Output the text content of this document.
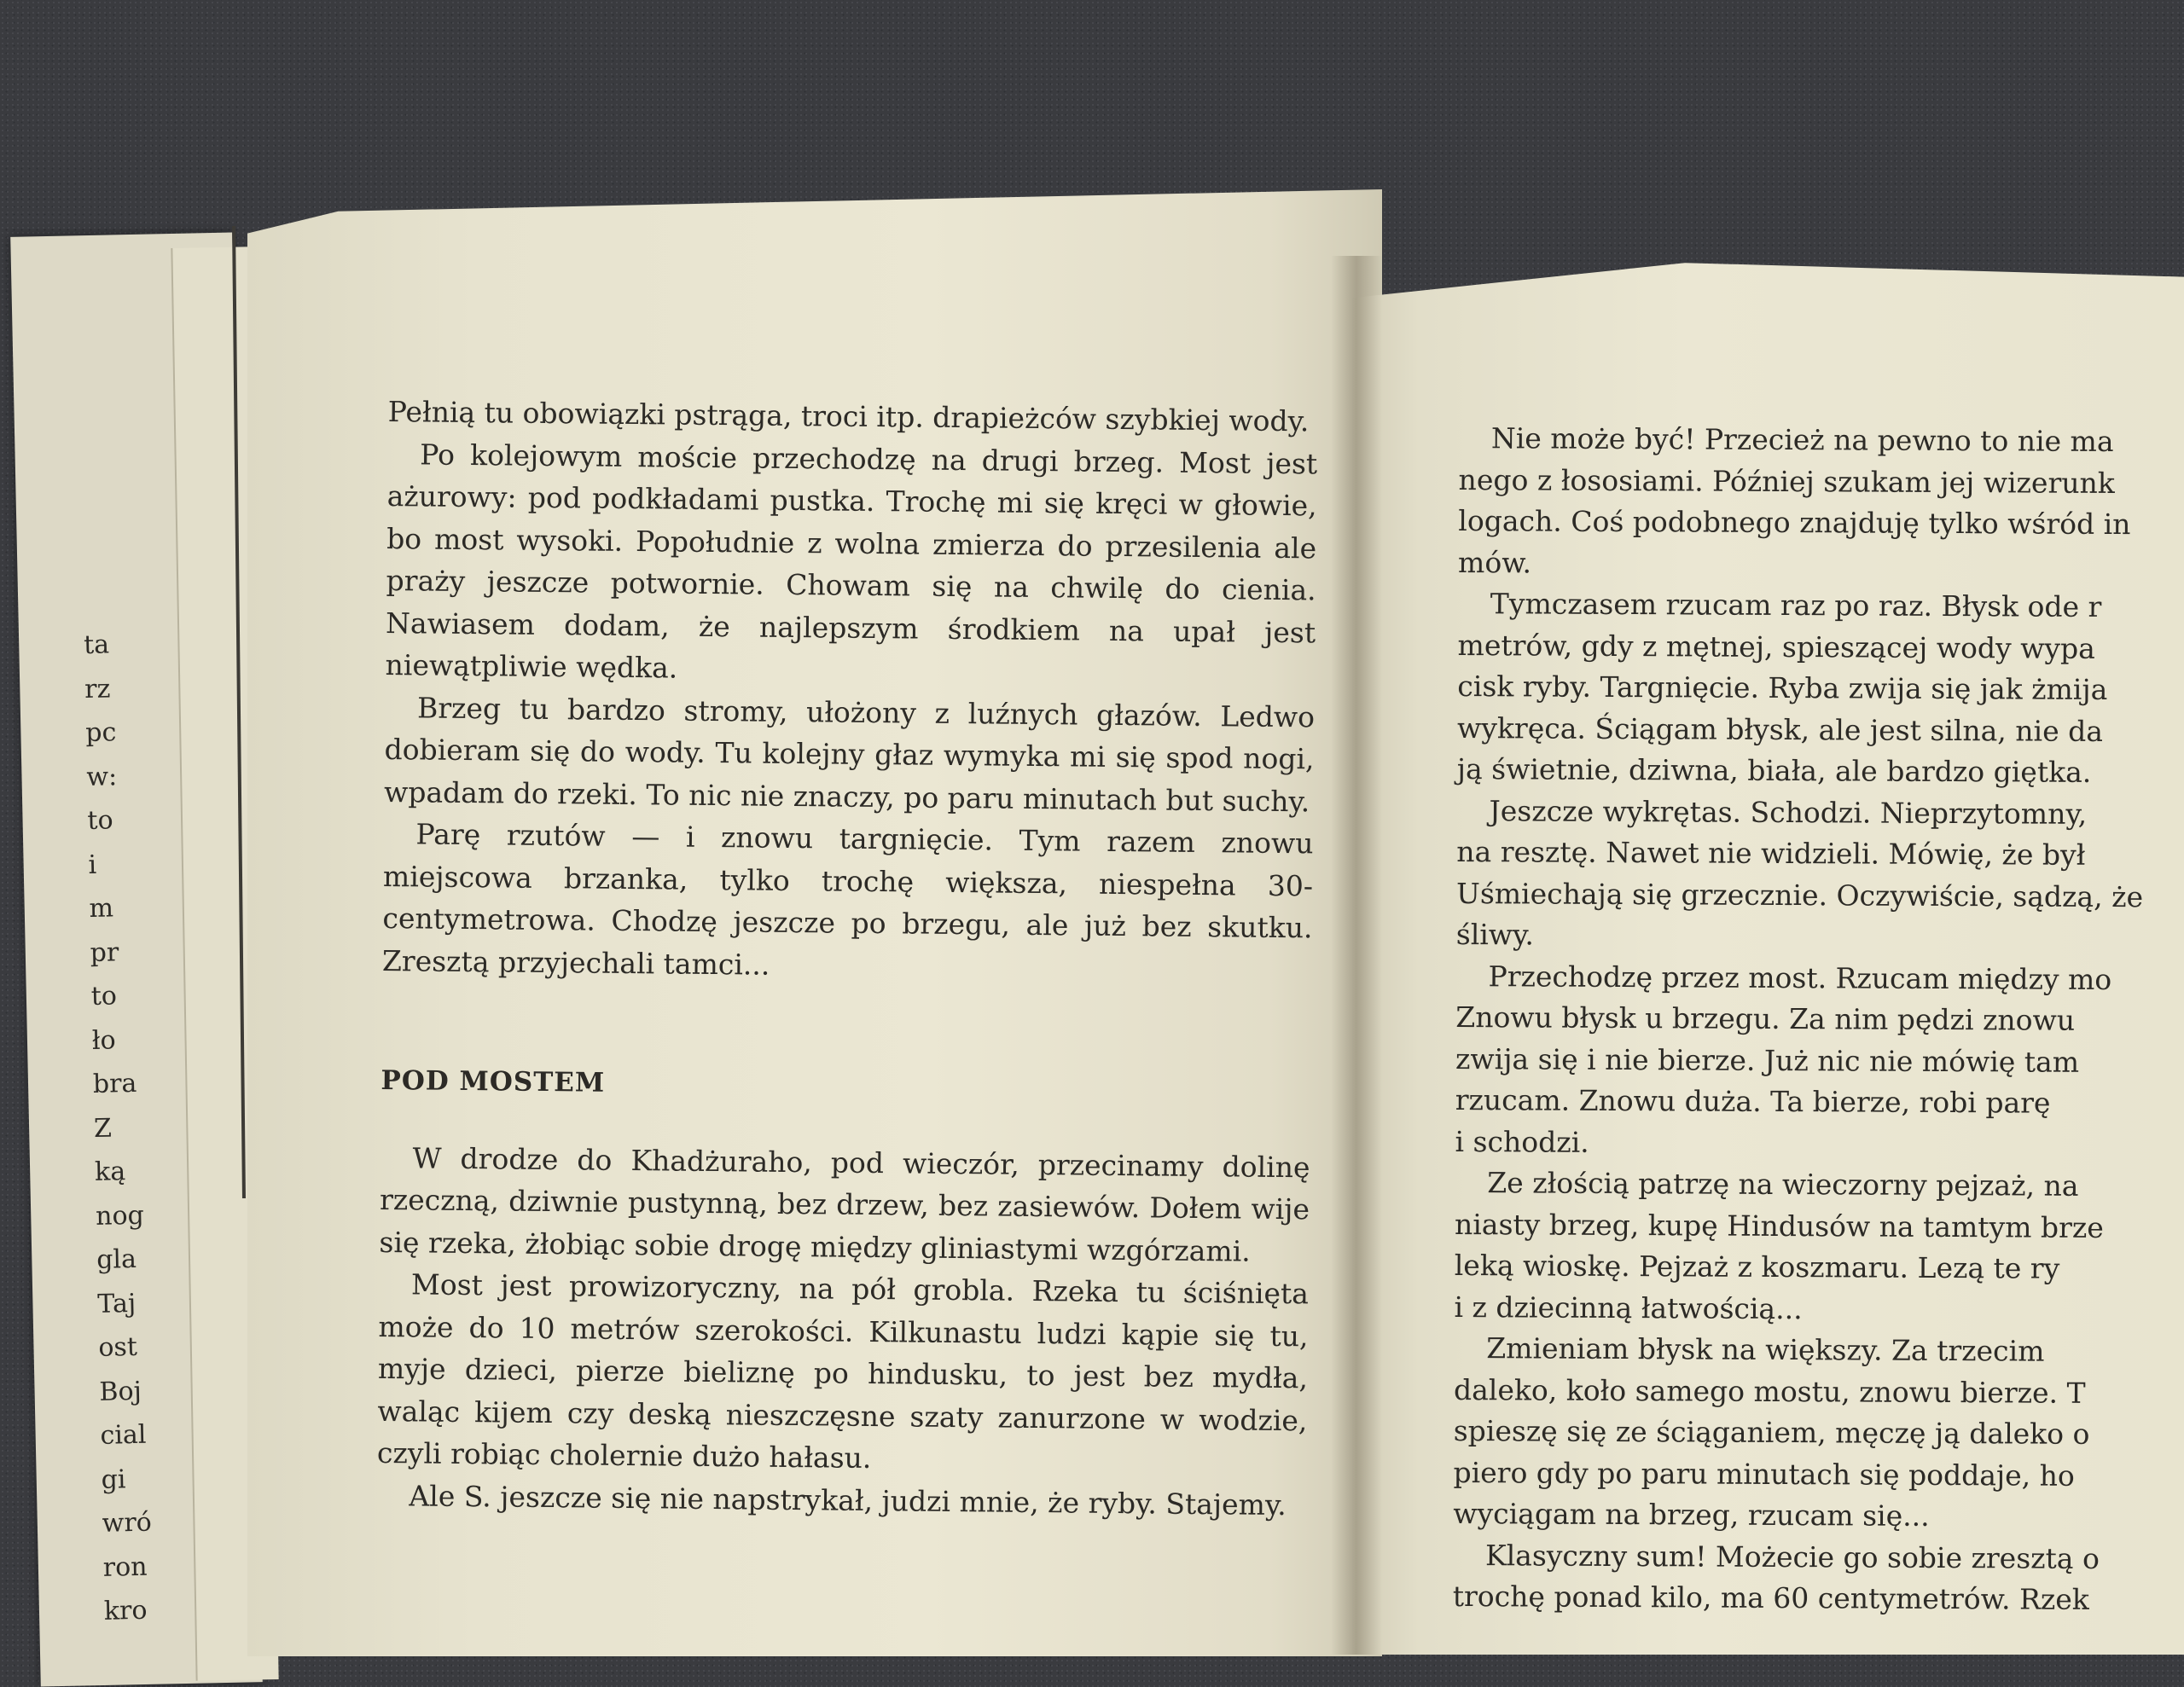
ta
rz
pc
w:
to
i
m
pr
to
ło
bra
Z
ką
nog
gla
Taj
ost
Boj
cial
gi
wró
ron
kro

Pełnią tu obowiązki pstrąga, troci itp. drapieżców szybkiej wody.

Po kolejowym moście przechodzę na drugi brzeg. Most jest ażurowy: pod podkładami pustka. Trochę mi się kręci w głowie, bo most wysoki. Popołudnie z wolna zmierza do przesilenia ale praży jeszcze potwornie. Chowam się na chwilę do cienia. Nawiasem dodam, że najlepszym środkiem na upał jest niewątpliwie wędka.

Brzeg tu bardzo stromy, ułożony z luźnych głazów. Ledwo dobieram się do wody. Tu kolejny głaz wymyka mi się spod nogi, wpadam do rzeki. To nic nie znaczy, po paru minutach but suchy.

Parę rzutów — i znowu targnięcie. Tym razem znowu miejscowa brzanka, tylko trochę większa, niespełna 30-centymetrowa. Chodzę jeszcze po brzegu, ale już bez skutku. Zresztą przyjechali tamci...

POD MOSTEM

W drodze do Khadżuraho, pod wieczór, przecinamy dolinę rzeczną, dziwnie pustynną, bez drzew, bez zasiewów. Dołem wije się rzeka, żłobiąc sobie drogę między gliniastymi wzgórzami.

Most jest prowizoryczny, na pół grobla. Rzeka tu ściśnięta może do 10 metrów szerokości. Kilkunastu ludzi kąpie się tu, myje dzieci, pierze bieliznę po hindusku, to jest bez mydła, waląc kijem czy deską nieszczęsne szaty zanurzone w wodzie, czyli robiąc cholernie dużo hałasu.

Ale S. jeszcze się nie napstrykał, judzi mnie, że ryby. Stajemy.

Nie może być! Przecież na pewno to nie ma

nego z łososiami. Później szukam jej wizerunk

logach. Coś podobnego znajduję tylko wśród in

mów.

Tymczasem rzucam raz po raz. Błysk ode r

metrów, gdy z mętnej, spieszącej wody wypa

cisk ryby. Targnięcie. Ryba zwija się jak żmija

wykręca. Ściągam błysk, ale jest silna, nie da

ją świetnie, dziwna, biała, ale bardzo giętka.

Jeszcze wykrętas. Schodzi. Nieprzytomny,

na resztę. Nawet nie widzieli. Mówię, że był

Uśmiechają się grzecznie. Oczywiście, sądzą, że

śliwy.

Przechodzę przez most. Rzucam między mo

Znowu błysk u brzegu. Za nim pędzi znowu

zwija się i nie bierze. Już nic nie mówię tam

rzucam. Znowu duża. Ta bierze, robi parę

i schodzi.

Ze złością patrzę na wieczorny pejzaż, na

niasty brzeg, kupę Hindusów na tamtym brze

leką wioskę. Pejzaż z koszmaru. Lezą te ry

i z dziecinną łatwością...

Zmieniam błysk na większy. Za trzecim

daleko, koło samego mostu, znowu bierze. T

spieszę się ze ściąganiem, męczę ją daleko o

piero gdy po paru minutach się poddaje, ho

wyciągam na brzeg, rzucam się...

Klasyczny sum! Możecie go sobie zresztą o

trochę ponad kilo, ma 60 centymetrów. Rzek
